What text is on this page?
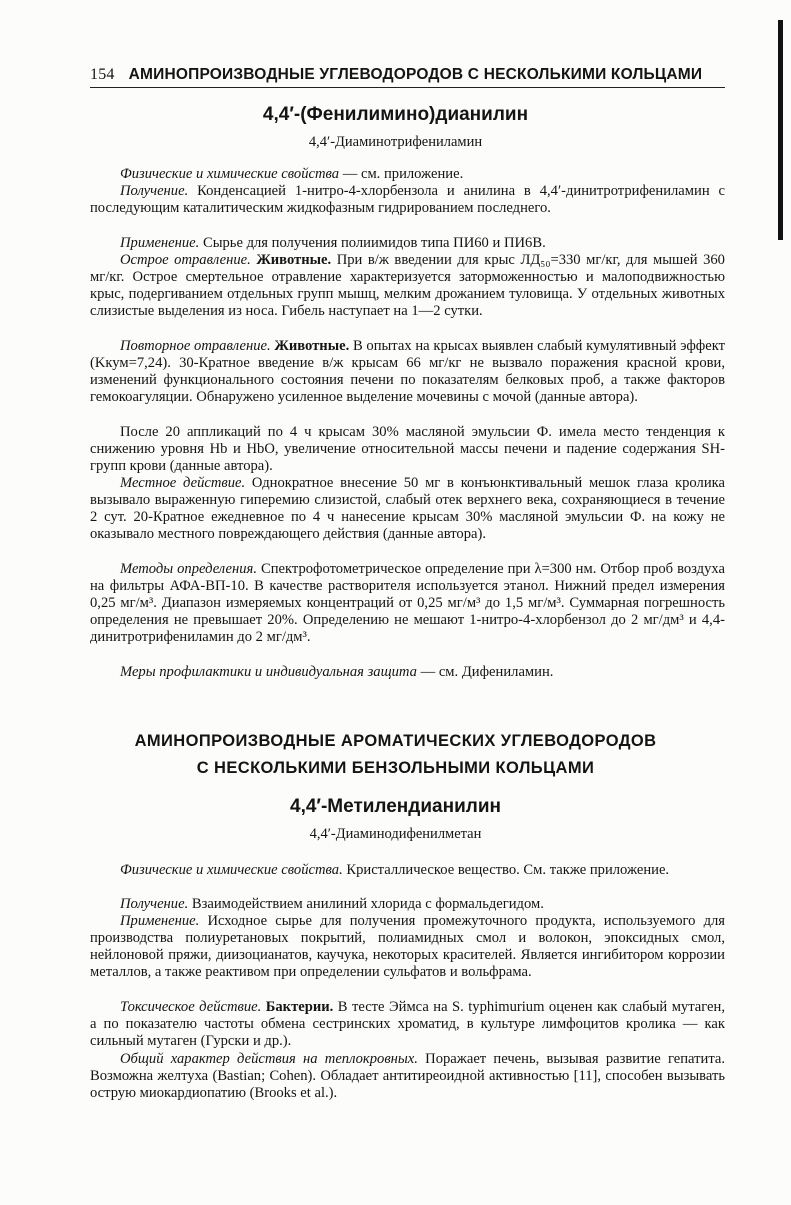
154 АМИНОПРОИЗВОДНЫЕ УГЛЕВОДОРОДОВ С НЕСКОЛЬКИМИ КОЛЬЦАМИ
4,4′-(Фенилимино)дианилин
4,4′-Диаминотрифениламин
Физические и химические свойства — см. приложение.
Получение. Конденсацией 1-нитро-4-хлорбензола и анилина в 4,4′-динитротрифениламин с последующим каталитическим жидкофазным гидрированием последнего.
Применение. Сырье для получения полиимидов типа ПИ60 и ПИ6В.
Острое отравление. Животные. При в/ж введении для крыс ЛД₅₀=330 мг/кг, для мышей 360 мг/кг. Острое смертельное отравление характеризуется заторможенностью и малоподвижностью крыс, подергиванием отдельных групп мышц, мелким дрожанием туловища. У отдельных животных слизистые выделения из носа. Гибель наступает на 1—2 сутки.
Повторное отравление. Животные. В опытах на крысах выявлен слабый кумулятивный эффект (Kкум=7,24). 30-Кратное введение в/ж крысам 66 мг/кг не вызвало поражения красной крови, изменений функционального состояния печени по показателям белковых проб, а также факторов гемокоагуляции. Обнаружено усиленное выделение мочевины с мочой (данные автора).
После 20 аппликаций по 4 ч крысам 30% масляной эмульсии Ф. имела место тенденция к снижению уровня Hb и HbO, увеличение относительной массы печени и падение содержания SH-групп крови (данные автора).
Местное действие. Однократное внесение 50 мг в конъюнктивальный мешок глаза кролика вызывало выраженную гиперемию слизистой, слабый отек верхнего века, сохраняющиеся в течение 2 сут. 20-Кратное ежедневное по 4 ч нанесение крысам 30% масляной эмульсии Ф. на кожу не оказывало местного повреждающего действия (данные автора).
Методы определения. Спектрофотометрическое определение при λ=300 нм. Отбор проб воздуха на фильтры АФА-ВП-10. В качестве растворителя используется этанол. Нижний предел измерения 0,25 мг/м³. Диапазон измеряемых концентраций от 0,25 мг/м³ до 1,5 мг/м³. Суммарная погрешность определения не превышает 20%. Определению не мешают 1-нитро-4-хлорбензол до 2 мг/дм³ и 4,4-динитротрифениламин до 2 мг/дм³.
Меры профилактики и индивидуальная защита — см. Дифениламин.
АМИНОПРОИЗВОДНЫЕ АРОМАТИЧЕСКИХ УГЛЕВОДОРОДОВ
С НЕСКОЛЬКИМИ БЕНЗОЛЬНЫМИ КОЛЬЦАМИ
4,4′-Метилендианилин
4,4′-Диаминодифенилметан
Физические и химические свойства. Кристаллическое вещество. См. также приложение.
Получение. Взаимодействием анилиний хлорида с формальдегидом.
Применение. Исходное сырье для получения промежуточного продукта, используемого для производства полиуретановых покрытий, полиамидных смол и волокон, эпоксидных смол, нейлоновой пряжи, диизоцианатов, каучука, некоторых красителей. Является ингибитором коррозии металлов, а также реактивом при определении сульфатов и вольфрама.
Токсическое действие. Бактерии. В тесте Эймса на S. typhimurium оценен как слабый мутаген, а по показателю частоты обмена сестринских хроматид, в культуре лимфоцитов кролика — как сильный мутаген (Гурски и др.).
Общий характер действия на теплокровных. Поражает печень, вызывая развитие гепатита. Возможна желтуха (Bastian; Cohen). Обладает антитиреоидной активностью [11], способен вызывать острую миокардиопатию (Brooks et al.).
